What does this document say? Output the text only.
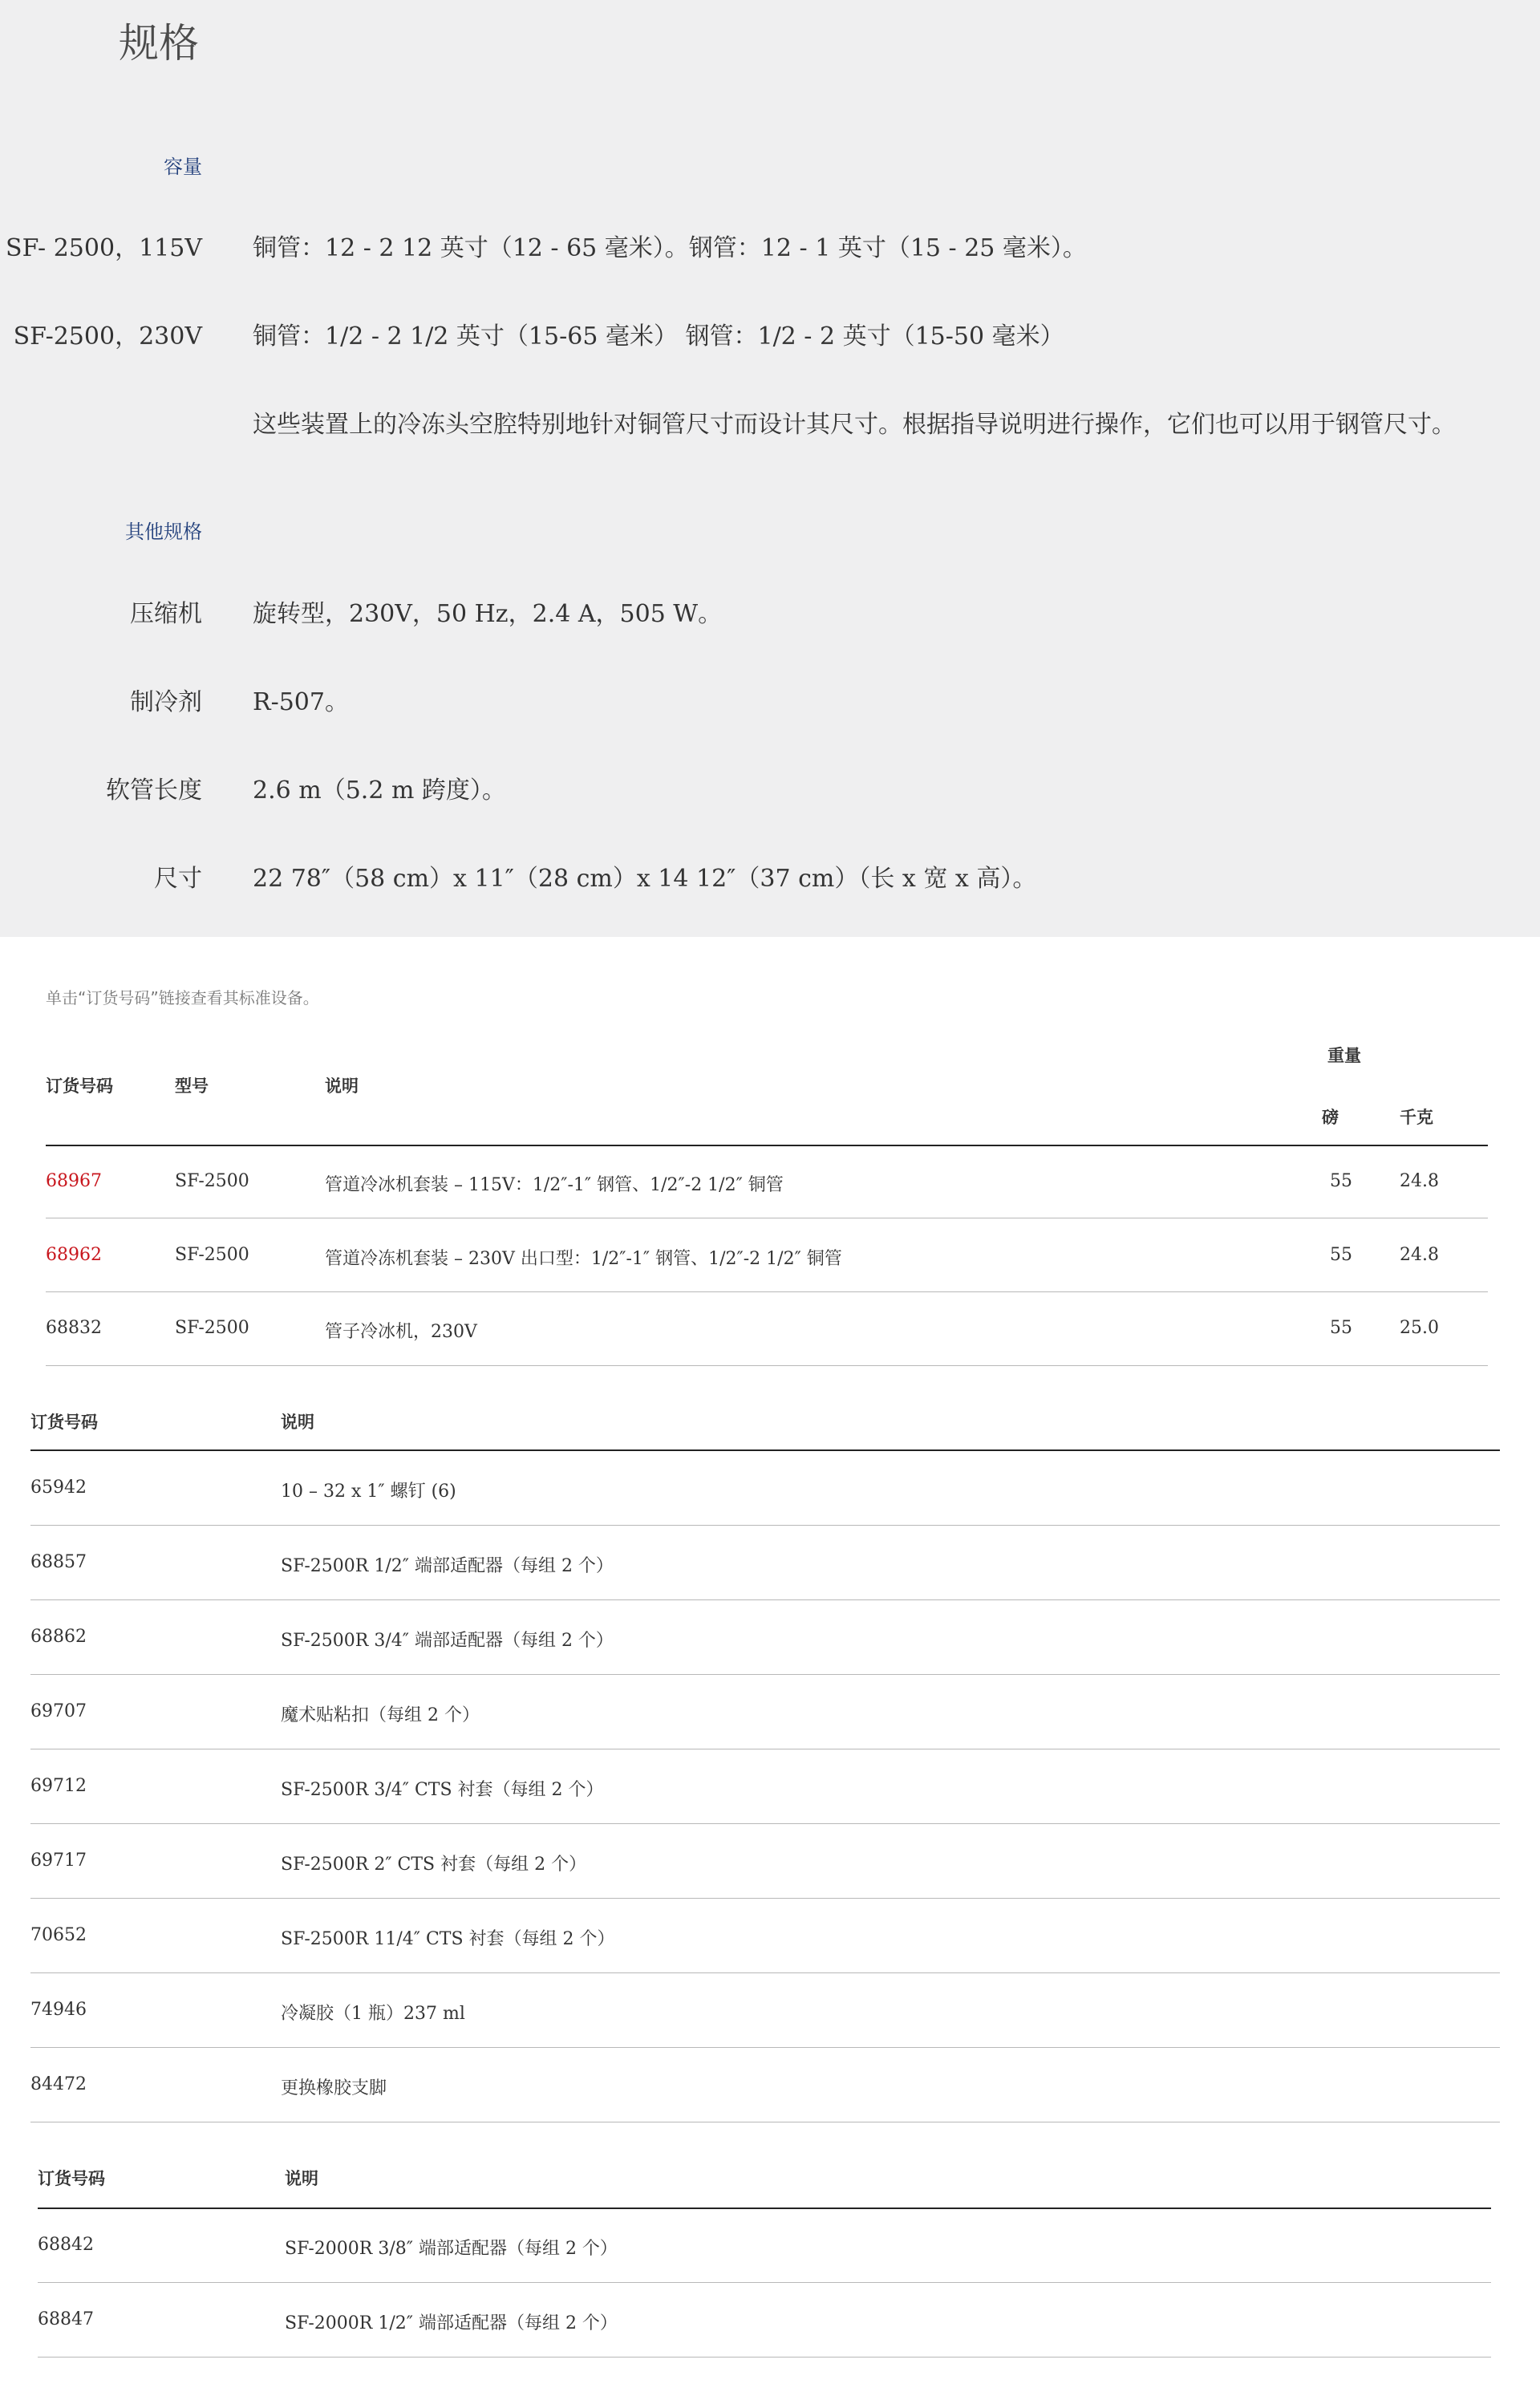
规格
容量
SF- 2500，115V 铜管：12 - 2 12 英寸（12 - 65 毫米）。钢管：12 - 1 英寸（15 - 25 毫米）。
SF-2500，230V 铜管：1/2 - 2 1/2 英寸（15-65 毫米） 钢管：1/2 - 2 英寸（15-50 毫米）
这些装置上的冷冻头空腔特别地针对铜管尺寸而设计其尺寸。根据指导说明进行操作，它们也可以用于钢管尺寸。
其他规格
压缩机 旋转型，230V，50 Hz，2.4 A，505 W。
制冷剂 R-507。
软管长度 2.6 m（5.2 m 跨度）。
尺寸 22 78″（58 cm）x 11″（28 cm）x 14 12″（37 cm）（长 x 宽 x 高）。
单击“订货号码”链接查看其标准设备。
订货号码	型号	说明
重量
磅	千克
68967	SF-2500	管道冷冰机套装 – 115V：1/2″-1″ 钢管、1/2″-2 1/2″ 铜管	55	24.8
68962	SF-2500	管道冷冻机套装 – 230V 出口型：1/2″-1″ 钢管、1/2″-2 1/2″ 铜管	55	24.8
68832	SF-2500	管子冷冰机，230V	55	25.0
订货号码	说明
65942	10 – 32 x 1″ 螺钉 (6)
68857	SF-2500R 1/2″ 端部适配器（每组 2 个）
68862	SF-2500R 3/4″ 端部适配器（每组 2 个）
69707	魔术贴粘扣（每组 2 个）
69712	SF-2500R 3/4″ CTS 衬套（每组 2 个）
69717	SF-2500R 2″ CTS 衬套（每组 2 个）
70652	SF-2500R 11/4″ CTS 衬套（每组 2 个）
74946	冷凝胶（1 瓶）237 ml
84472	更换橡胶支脚
订货号码	说明
68842	SF-2000R 3/8″ 端部适配器（每组 2 个）
68847	SF-2000R 1/2″ 端部适配器（每组 2 个）
